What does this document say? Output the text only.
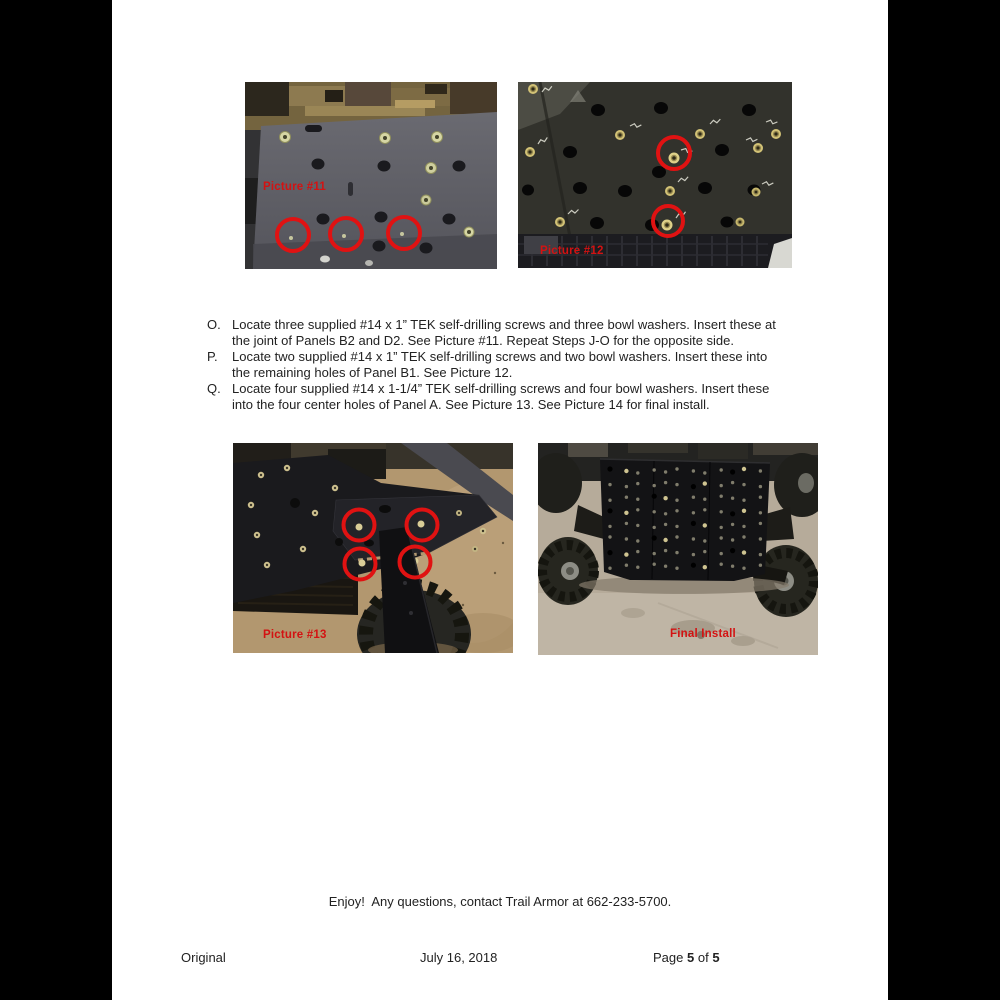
Picture #11
Picture #12
O. Locate three supplied #14 x 1” TEK self-drilling screws and three bowl washers. Insert these at
the joint of Panels B2 and D2. See Picture #11. Repeat Steps J-O for the opposite side.
P.	Locate two supplied #14 x 1” TEK self-drilling screws and two bowl washers. Insert these into
the remaining holes of Panel B1. See Picture 12.
Q. Locate four supplied #14 x 1-1/4” TEK self-drilling screws and four bowl washers. Insert these
into the four center holes of Panel A. See Picture 13. See Picture 14 for final install.
Picture #13	Final Install
Enjoy!  Any questions, contact Trail Armor at 662-233-5700.
Original	July 16, 2018	Page 5 of 5
